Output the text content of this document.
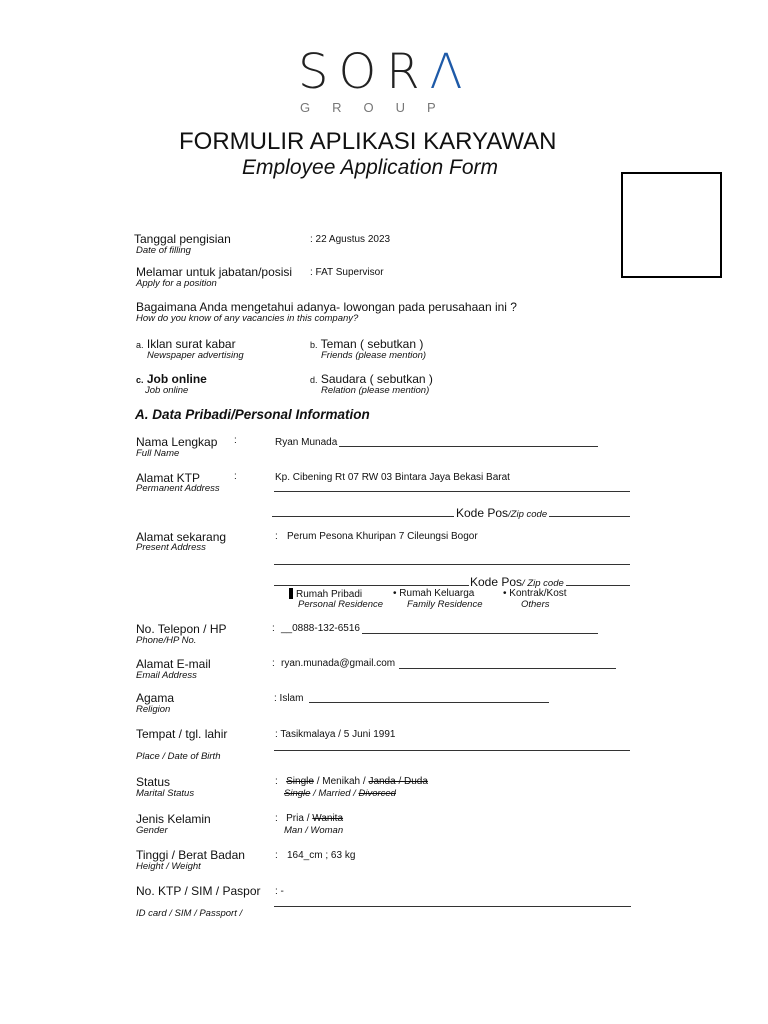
SORΛ
GROUP
FORMULIR APLIKASI KARYAWAN
Employee Application Form
Tanggal pengisian
Date of filling
: 22 Agustus 2023
Melamar untuk jabatan/posisi
Apply for a position
: FAT Supervisor
Bagaimana Anda mengetahui adanya- lowongan pada perusahaan ini ?
How do you know of any vacancies in this company?
a. Iklan surat kabar
Newspaper advertising
b. Teman ( sebutkan )
Friends (please mention)
c. Job online
Job online
d. Saudara ( sebutkan )
Relation (please mention)
A. Data Pribadi/Personal Information
Nama Lengkap :
Full Name
Ryan Munada
Alamat KTP	:
Permanent Address
Kp. Cibening Rt 07 RW 03 Bintara Jaya Bekasi Barat
Kode Pos/Zip code
Alamat sekarang
Present Address
: Perum Pesona Khuripan 7 Cileungsi Bogor
Kode Pos/ Zip code
Rumah Pribadi
Personal Residence
• Rumah Keluarga
Family Residence
• Kontrak/Kost
Others
No. Telepon / HP
Phone/HP No.
: __0888-132-6516
Alamat E-mail
Email Address
: ryan.munada@gmail.com
Agama
Religion
: Islam
Tempat / tgl. lahir	: Tasikmalaya / 5 Juni 1991
Place / Date of Birth
Status
Marital Status
: Single / Menikah / Janda / Duda
Single / Married / Divorced
Jenis Kelamin
Gender
: Pria / Wanita
Man / Woman
Tinggi / Berat Badan
Height / Weight
: 164_cm ; 63 kg
No. KTP / SIM / Paspor : -
ID card / SIM / Passport /
